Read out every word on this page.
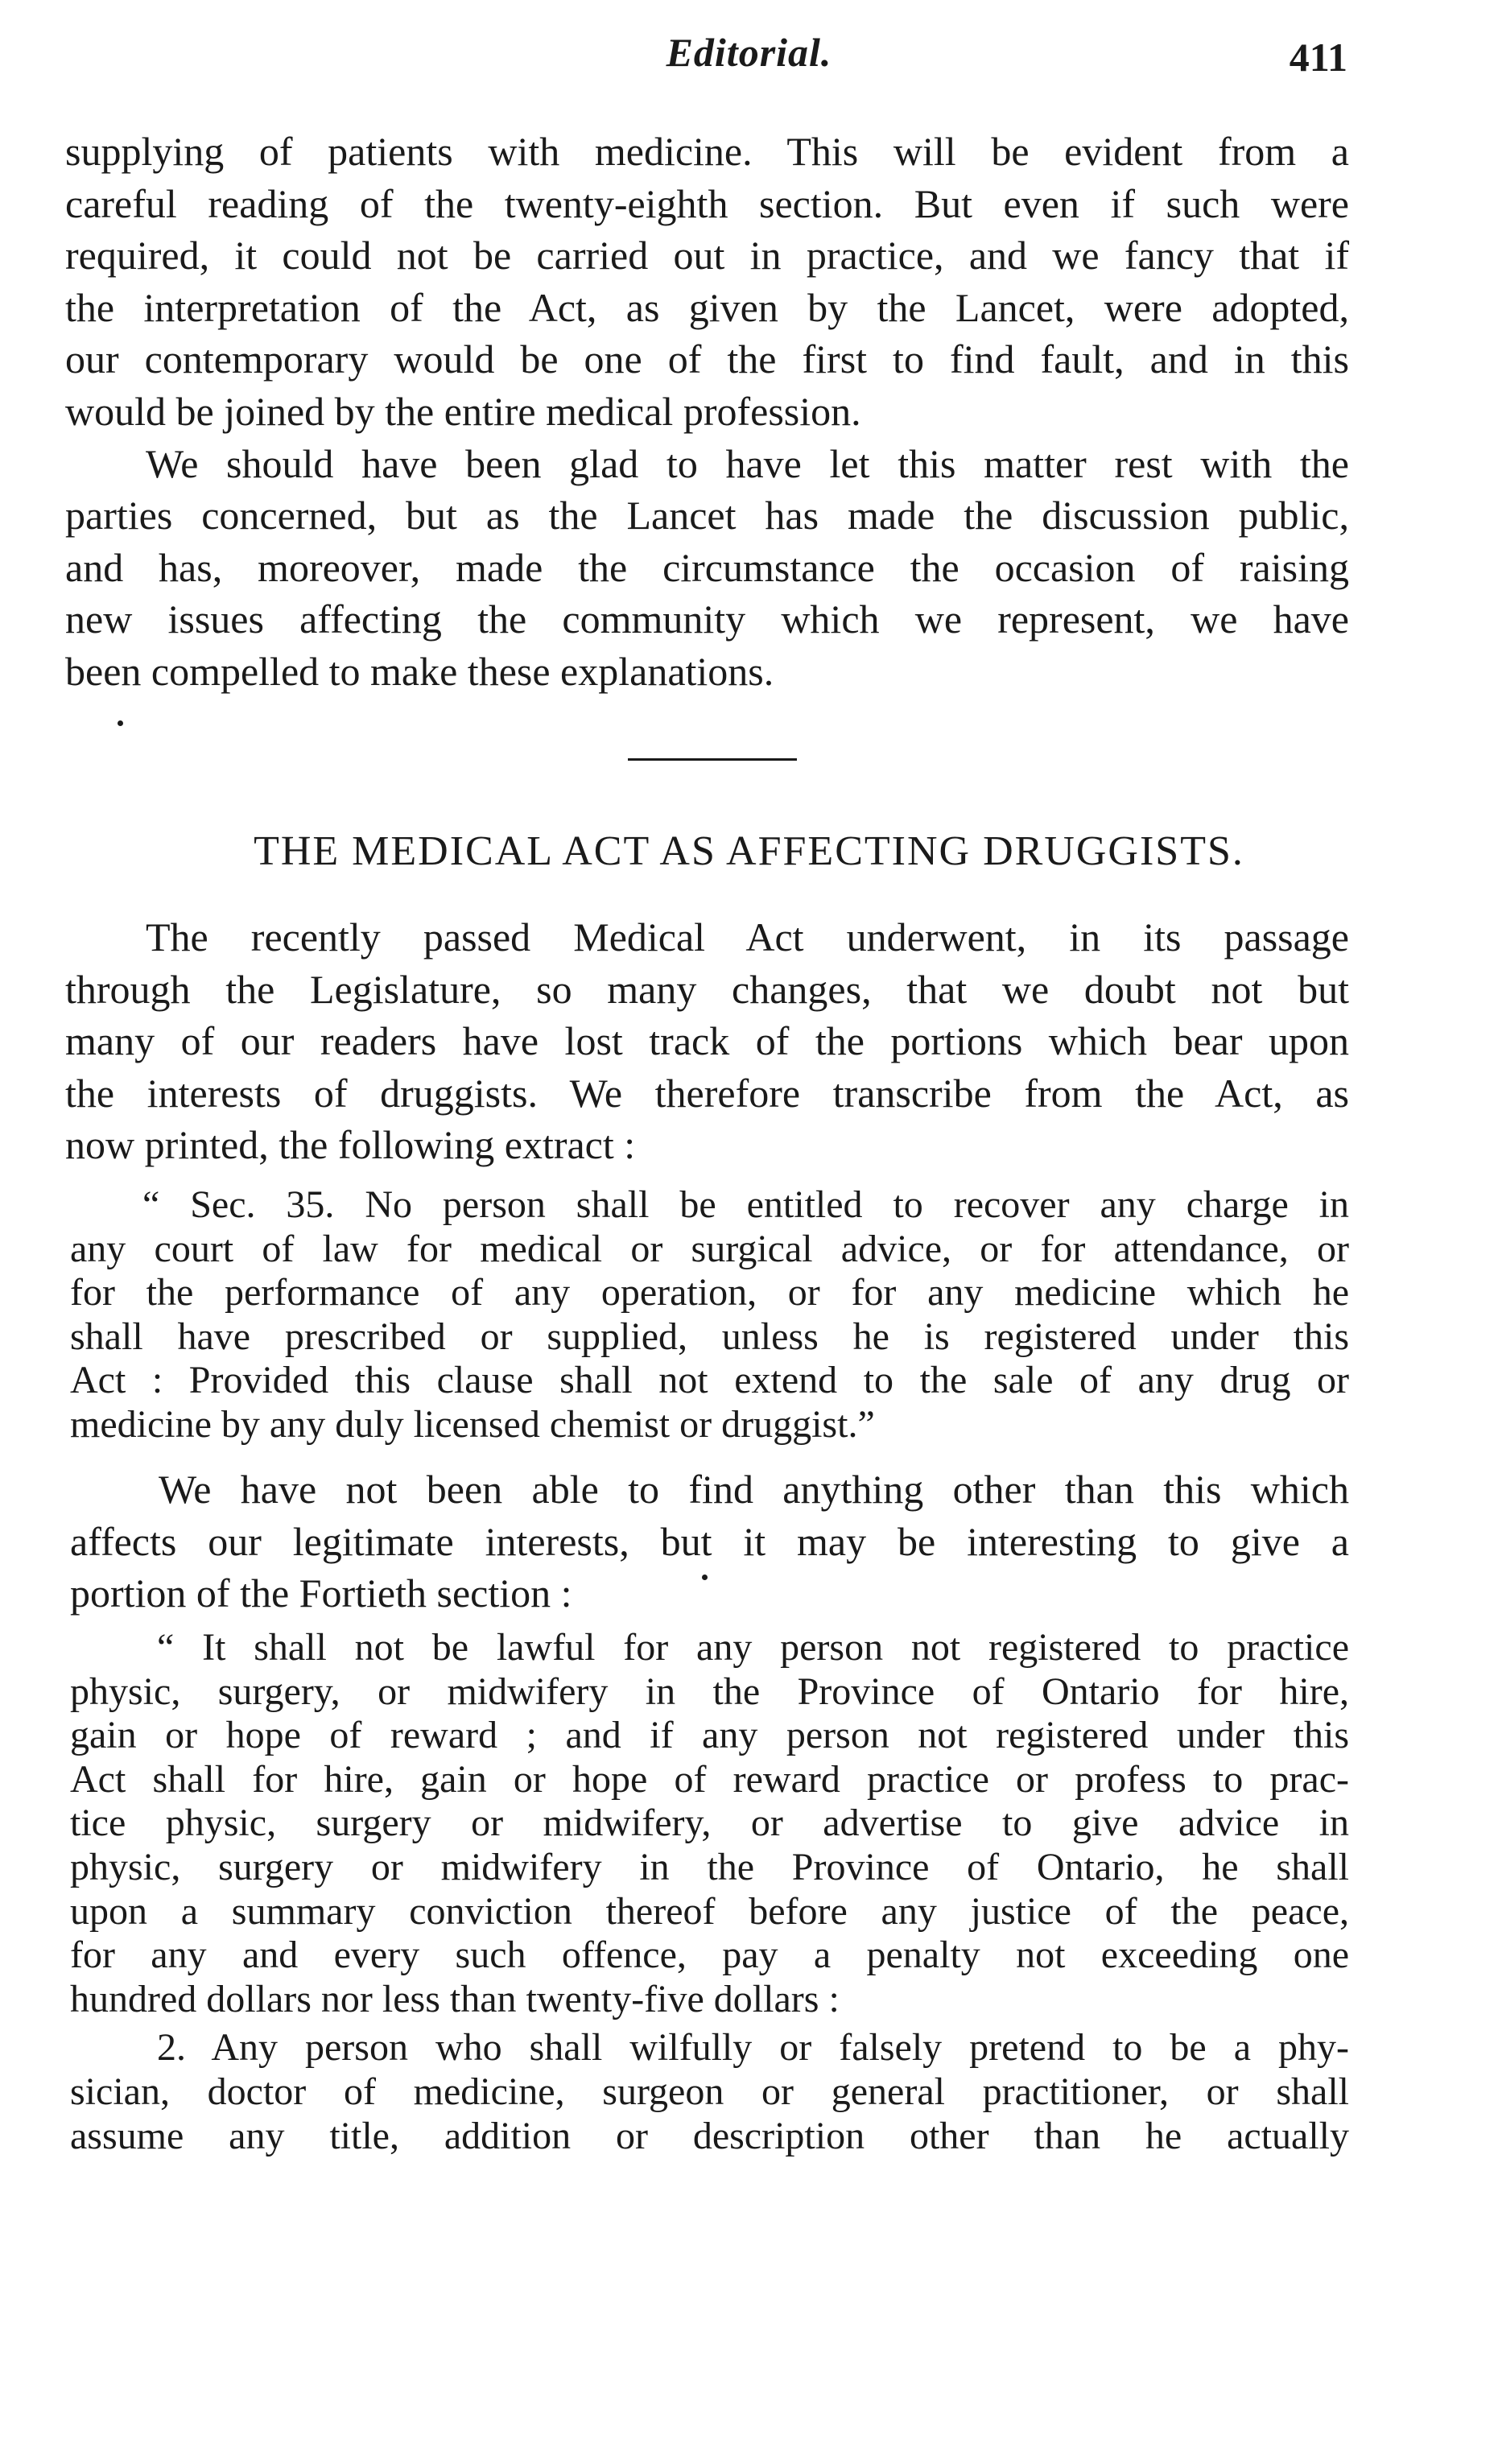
Editorial.	411

supplying of patients with medicine. This will be evident from a
careful reading of the twenty-eighth section. But even if such were
required, it could not be carried out in practice, and we fancy that if
the interpretation of the Act, as given by the Lancet, were adopted,
our contemporary would be one of the first to find fault, and in this
would be joined by the entire medical profession.

We should have been glad to have let this matter rest with the
parties concerned, but as the Lancet has made the discussion public,
and has, moreover, made the circumstance the occasion of raising
new issues affecting the community which we represent, we have
been compelled to make these explanations.

THE MEDICAL ACT AS AFFECTING DRUGGISTS.

The recently passed Medical Act underwent, in its passage
through the Legislature, so many changes, that we doubt not but
many of our readers have lost track of the portions which bear upon
the interests of druggists. We therefore transcribe from the Act, as
now printed, the following extract :

“ Sec. 35. No person shall be entitled to recover any charge in
any court of law for medical or surgical advice, or for attendance, or
for the performance of any operation, or for any medicine which he
shall have prescribed or supplied, unless he is registered under this
Act : Provided this clause shall not extend to the sale of any drug or
medicine by any duly licensed chemist or druggist.”

We have not been able to find anything other than this which
affects our legitimate interests, but it may be interesting to give a
portion of the Fortieth section :

“ It shall not be lawful for any person not registered to practice
physic, surgery, or midwifery in the Province of Ontario for hire,
gain or hope of reward ; and if any person not registered under this
Act shall for hire, gain or hope of reward practice or profess to prac-
tice physic, surgery or midwifery, or advertise to give advice in
physic, surgery or midwifery in the Province of Ontario, he shall
upon a summary conviction thereof before any justice of the peace,
for any and every such offence, pay a penalty not exceeding one
hundred dollars nor less than twenty-five dollars :

2. Any person who shall wilfully or falsely pretend to be a phy-
sician, doctor of medicine, surgeon or general practitioner, or shall
assume any title, addition or description other than he actually
